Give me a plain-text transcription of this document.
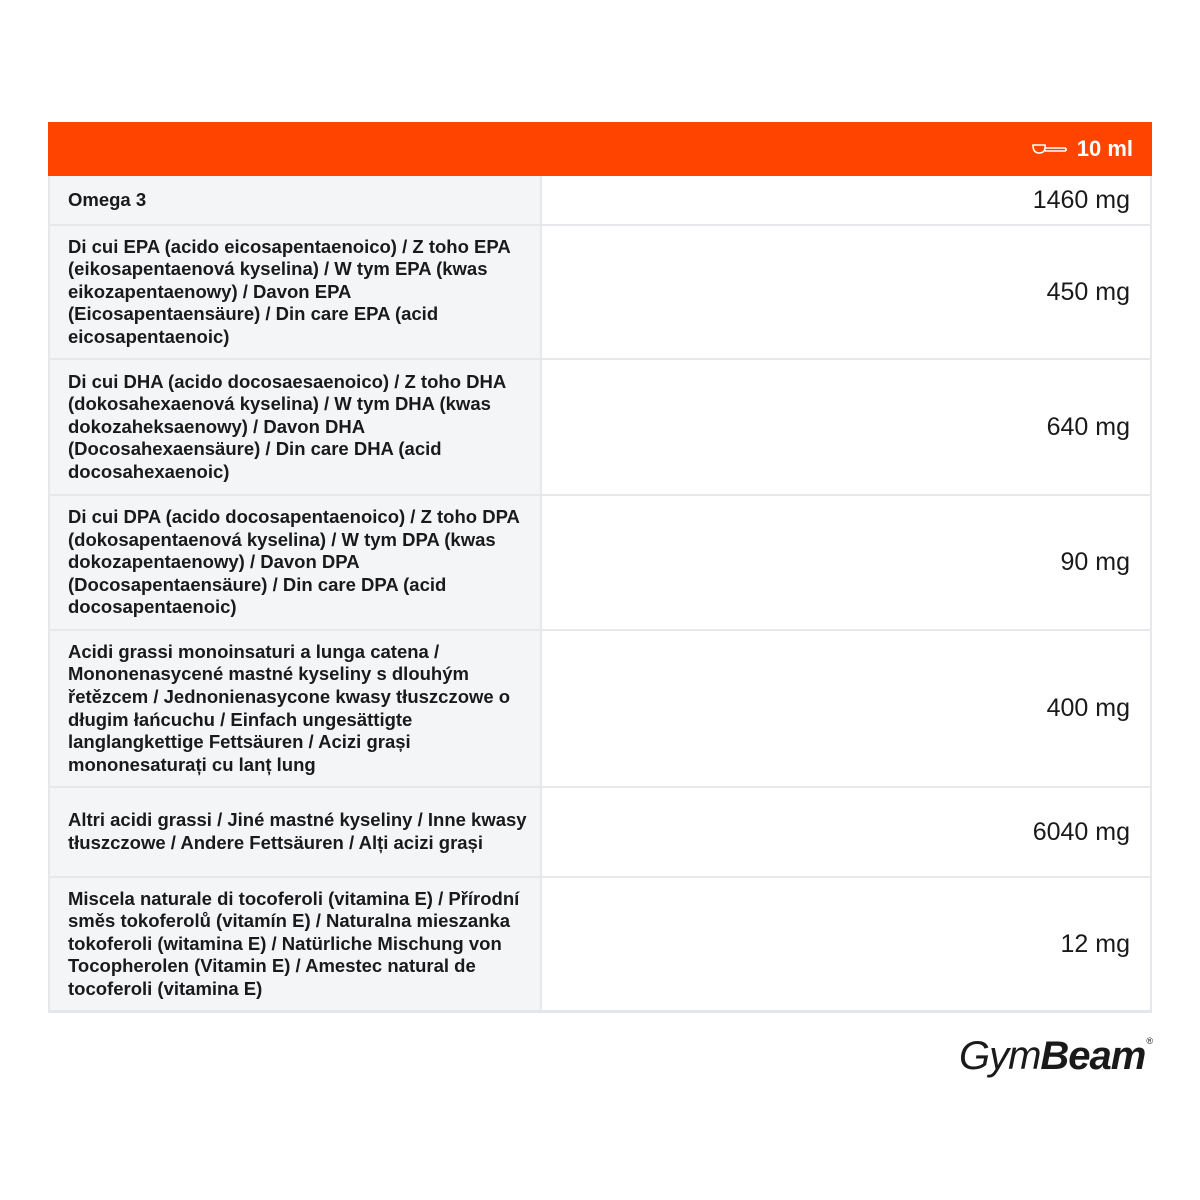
10 ml
Omega 3	1460 mg
Di cui EPA (acido eicosapentaenoico) / Z toho EPA (eikosapentaenová kyselina) / W tym EPA (kwas eikozapentaenowy) / Davon EPA (Eicosapentaensäure) / Din care EPA (acid eicosapentaenoic)
450 mg
Di cui DHA (acido docosaesaenoico) / Z toho DHA (dokosahexaenová kyselina) / W tym DHA (kwas dokozaheksaenowy) / Davon DHA (Docosahexaensäure) / Din care DHA (acid docosahexaenoic)
640 mg
Di cui DPA (acido docosapentaenoico) / Z toho DPA (dokosapentaenová kyselina) / W tym DPA (kwas dokozapentaenowy) / Davon DPA (Docosapentaensäure) / Din care DPA (acid docosapentaenoic)
90 mg
Acidi grassi monoinsaturi a lunga catena / Mononenasycené mastné kyseliny s dlouhým řetězcem / Jednonienasycone kwasy tłuszczowe o długim łańcuchu / Einfach ungesättigte langlangkettige Fettsäuren / Acizi grași mononesaturați cu lanț lung
400 mg
Altri acidi grassi / Jiné mastné kyseliny / Inne kwasy tłuszczowe / Andere Fettsäuren / Alți acizi grași	6040 mg
Miscela naturale di tocoferoli (vitamina E) / Přírodní směs tokoferolů (vitamín E) / Naturalna mieszanka tokoferoli (witamina E) / Natürliche Mischung von Tocopherolen (Vitamin E) / Amestec natural de tocoferoli (vitamina E)
12 mg
GymBeam®
